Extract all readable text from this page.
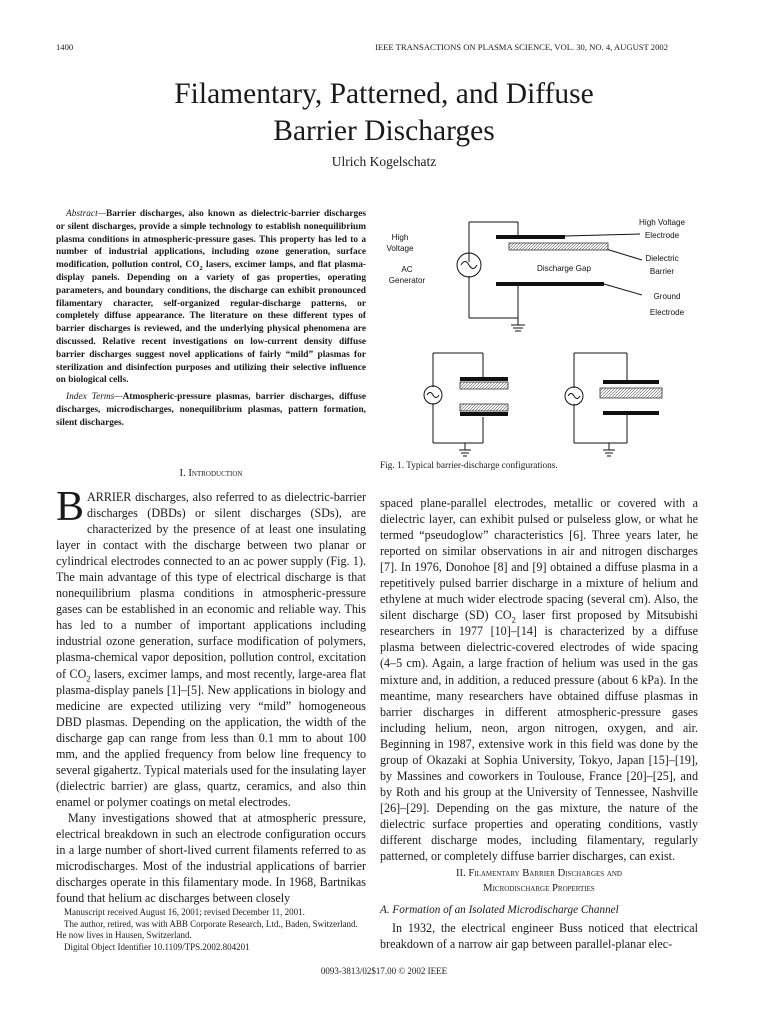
1400	IEEE TRANSACTIONS ON PLASMA SCIENCE, VOL. 30, NO. 4, AUGUST 2002
Filamentary, Patterned, and Diffuse
Barrier Discharges
Ulrich Kogelschatz
Abstract—Barrier discharges, also known as dielectric-barrier discharges or silent discharges, provide a simple technology to establish nonequilibrium plasma conditions in atmospheric-pressure gases. This property has led to a number of industrial applications, including ozone generation, surface modification, pollution control, $CO_2$ lasers, excimer lamps, and flat plasma-display panels. Depending on a variety of gas properties, operating parameters, and boundary conditions, the discharge can exhibit pronounced filamentary character, self-organized regular-discharge patterns, or completely diffuse appearance. The literature on these different types of barrier discharges is reviewed, and the underlying physical phenomena are discussed. Relative recent investigations on low-current density diffuse barrier discharges suggest novel applications of fairly “mild” plasmas for sterilization and disinfection purposes and utilizing their selective influence on biological cells.
Index Terms—Atmospheric-pressure plasmas, barrier discharges, diffuse discharges, microdischarges, nonequilibrium plasmas, pattern formation, silent discharges.
High
Voltage
AC
Generator
Discharge Gap
High Voltage
Electrode
Dielectric
Barrier
Ground
Electrode
Fig. 1. Typical barrier-discharge configurations.
I. Introduction

BARRIER discharges, also referred to as dielectric-barrier discharges (DBDs) or silent discharges (SDs), are characterized by the presence of at least one insulating layer in contact with the discharge between two planar or cylindrical electrodes connected to an ac power supply (Fig. 1). The main advantage of this type of electrical discharge is that nonequilibrium plasma conditions in atmospheric-pressure gases can be established in an economic and reliable way. This has led to a number of important applications including industrial ozone generation, surface modification of polymers, plasma-chemical vapor deposition, pollution control, excitation of $CO_2$ lasers, excimer lamps, and most recently, large-area flat plasma-display panels [1]–[5]. New applications in biology and medicine are expected utilizing very “mild” homogeneous DBD plasmas. Depending on the application, the width of the discharge gap can range from less than 0.1 mm to about 100 mm, and the applied frequency from below line frequency to several gigahertz. Typical materials used for the insulating layer (dielectric barrier) are glass, quartz, ceramics, and also thin enamel or polymer coatings on metal electrodes.

Many investigations showed that at atmospheric pressure, electrical breakdown in such an electrode configuration occurs in a large number of short-lived current filaments referred to as microdischarges. Most of the industrial applications of barrier discharges operate in this filamentary mode. In 1968, Bartnikas found that helium ac discharges between closely

Manuscript received August 16, 2001; revised December 11, 2001.

The author, retired, was with ABB Corporate Research, Ltd., Baden, Switzerland. He now lives in Hausen, Switzerland.

Digital Object Identifier 10.1109/TPS.2002.804201

spaced plane-parallel electrodes, metallic or covered with a dielectric layer, can exhibit pulsed or pulseless glow, or what he termed “pseudoglow” characteristics [6]. Three years later, he reported on similar observations in air and nitrogen discharges [7]. In 1976, Donohoe [8] and [9] obtained a diffuse plasma in a repetitively pulsed barrier discharge in a mixture of helium and ethylene at much wider electrode spacing (several cm). Also, the silent discharge (SD) $CO_2$ laser first proposed by Mitsubishi researchers in 1977 [10]–[14] is characterized by a diffuse plasma between dielectric-covered electrodes of wide spacing (4–5 cm). Again, a large fraction of helium was used in the gas mixture and, in addition, a reduced pressure (about 6 kPa). In the meantime, many researchers have obtained diffuse plasmas in barrier discharges in different atmospheric-pressure gases including helium, neon, argon nitrogen, oxygen, and air. Beginning in 1987, extensive work in this field was done by the group of Okazaki at Sophia University, Tokyo, Japan [15]–[19], by Massines and coworkers in Toulouse, France [20]–[25], and by Roth and his group at the University of Tennessee, Nashville [26]–[29]. Depending on the gas mixture, the nature of the dielectric surface properties and operating conditions, vastly different discharge modes, including filamentary, regularly patterned, or completely diffuse barrier discharges, can exist.

II. Filamentary Barrier Discharges and
Microdischarge Properties
A. Formation of an Isolated Microdischarge Channel

In 1932, the electrical engineer Buss noticed that electrical breakdown of a narrow air gap between parallel-planar elec-

0093-3813/02$17.00 © 2002 IEEE
